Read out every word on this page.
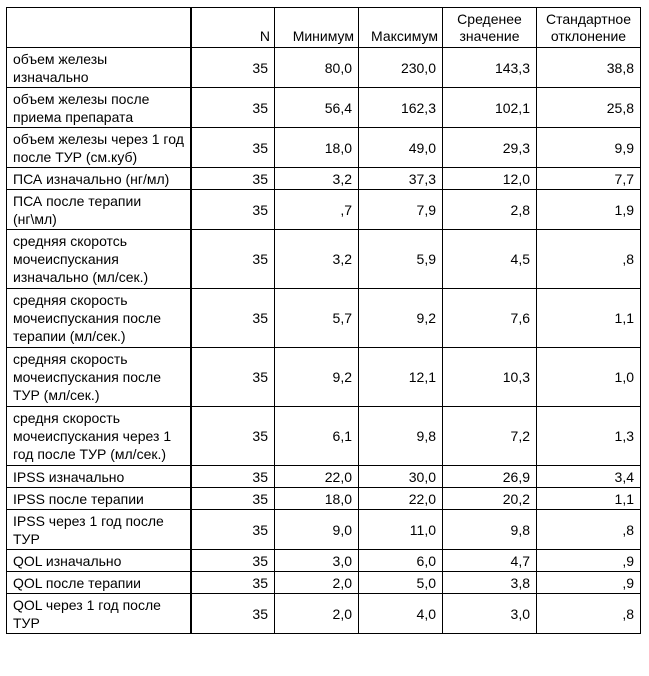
	N	Минимум	Максимум	Среденее значение	Стандартное отклонение
объем железы изначально	35	80,0	230,0	143,3	38,8
объем железы после приема препарата	35	56,4	162,3	102,1	25,8
объем железы через 1 год после ТУР (см.куб)	35	18,0	49,0	29,3	9,9
ПСА изначально (нг/мл)	35	3,2	37,3	12,0	7,7
ПСА после терапии (нг\мл)	35	,7	7,9	2,8	1,9
средняя скоротсь мочеиспускания изначально (мл/сек.)	35	3,2	5,9	4,5	,8
средняя скорость мочеиспускания после терапии (мл/сек.)	35	5,7	9,2	7,6	1,1
средняя скорость мочеиспускания после ТУР (мл/сек.)	35	9,2	12,1	10,3	1,0
средня скорость мочеиспускания через 1 год после ТУР (мл/сек.)	35	6,1	9,8	7,2	1,3
IPSS изначально	35	22,0	30,0	26,9	3,4
IPSS после терапии	35	18,0	22,0	20,2	1,1
IPSS через 1 год после ТУР	35	9,0	11,0	9,8	,8
QOL изначально	35	3,0	6,0	4,7	,9
QOL после терапии	35	2,0	5,0	3,8	,9
QOL через 1 год после ТУР	35	2,0	4,0	3,0	,8
